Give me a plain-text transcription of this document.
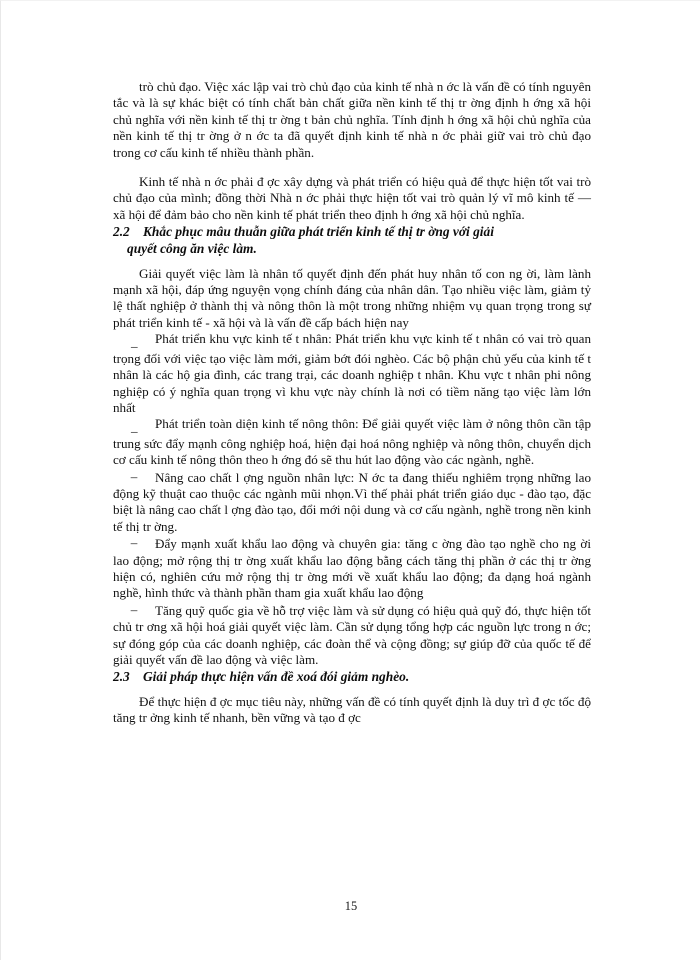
trò chủ đạo. Việc xác lập vai trò chủ đạo của kinh tế nhà n ớc là vấn đề có tính nguyên tắc và là sự khác biệt có tính chất bản chất giữa nền kinh tế thị tr ờng định h ớng xã hội chủ nghĩa với nền kinh tế thị tr ờng t bản chủ nghĩa. Tính định h ớng xã hội chủ nghĩa của nền kinh tế thị tr ờng ở n ớc ta đã quyết định kinh tế nhà n ớc phải giữ vai trò chủ đạo trong cơ cấu kinh tế nhiều thành phần.

Kinh tế nhà n ớc phải đ ợc xây dựng và phát triển có hiệu quả để thực hiện tốt vai trò chủ đạo của mình; đồng thời Nhà n ớc phải thực hiện tốt vai trò quản lý vĩ mô kinh tế — xã hội để đảm bảo cho nền kinh tế phát triển theo định h ớng xã hội chủ nghĩa.

2.2 Khắc phục mâu thuẫn giữa phát triển kinh tế thị tr ờng với giải
quyết công ăn việc làm.

Giải quyết việc làm là nhân tố quyết định đến phát huy nhân tố con ng ời, làm lành mạnh xã hội, đáp ứng nguyện vọng chính đáng của nhân dân. Tạo nhiều việc làm, giảm tỷ lệ thất nghiệp ở thành thị và nông thôn là một trong những nhiệm vụ quan trọng trong sự phát triển kinh tế - xã hội và là vấn đề cấp bách hiện nay

_ Phát triển khu vực kinh tế t nhân: Phát triển khu vực kinh tế t nhân có vai trò quan trọng đối với việc tạo việc làm mới, giảm bớt đói nghèo. Các bộ phận chủ yếu của kinh tế t nhân là các hộ gia đình, các trang trại, các doanh nghiệp t nhân. Khu vực t nhân phi nông nghiệp có ý nghĩa quan trọng vì khu vực này chính là nơi có tiềm năng tạo việc làm lớn nhất

_ Phát triển toàn diện kinh tế nông thôn: Để giải quyết việc làm ở nông thôn cần tập trung sức đẩy mạnh công nghiệp hoá, hiện đại hoá nông nghiệp và nông thôn, chuyển dịch cơ cấu kinh tế nông thôn theo h ớng đó sẽ thu hút lao động vào các ngành, nghề.

– Nâng cao chất l ợng nguồn nhân lực: N ớc ta đang thiếu nghiêm trọng những lao động kỹ thuật cao thuộc các ngành mũi nhọn.Vì thế phải phát triển giáo dục - đào tạo, đặc biệt là nâng cao chất l ợng đào tạo, đổi mới nội dung và cơ cấu ngành, nghề trong nền kinh tế thị tr ờng.

– Đẩy mạnh xuất khẩu lao động và chuyên gia: tăng c ờng đào tạo nghề cho ng ời lao động; mở rộng thị tr ờng xuất khẩu lao động bằng cách tăng thị phần ở các thị tr ờng hiện có, nghiên cứu mở rộng thị tr ờng mới về xuất khẩu lao động; đa dạng hoá ngành nghề, hình thức và thành phần tham gia xuất khẩu lao động

– Tăng quỹ quốc gia về hỗ trợ việc làm và sử dụng có hiệu quả quỹ đó, thực hiện tốt chủ tr ơng xã hội hoá giải quyết việc làm. Cần sử dụng tổng hợp các nguồn lực trong n ớc; sự đóng góp của các doanh nghiệp, các đoàn thể và cộng đồng; sự giúp đỡ của quốc tế để giải quyết vấn đề lao động và việc làm.

2.3 Giải pháp thực hiện vấn đề xoá đói giảm nghèo.

Để thực hiện đ ợc mục tiêu này, những vấn đề có tính quyết định là duy trì đ ợc tốc độ tăng tr ởng kinh tế nhanh, bền vững và tạo đ ợc

15
